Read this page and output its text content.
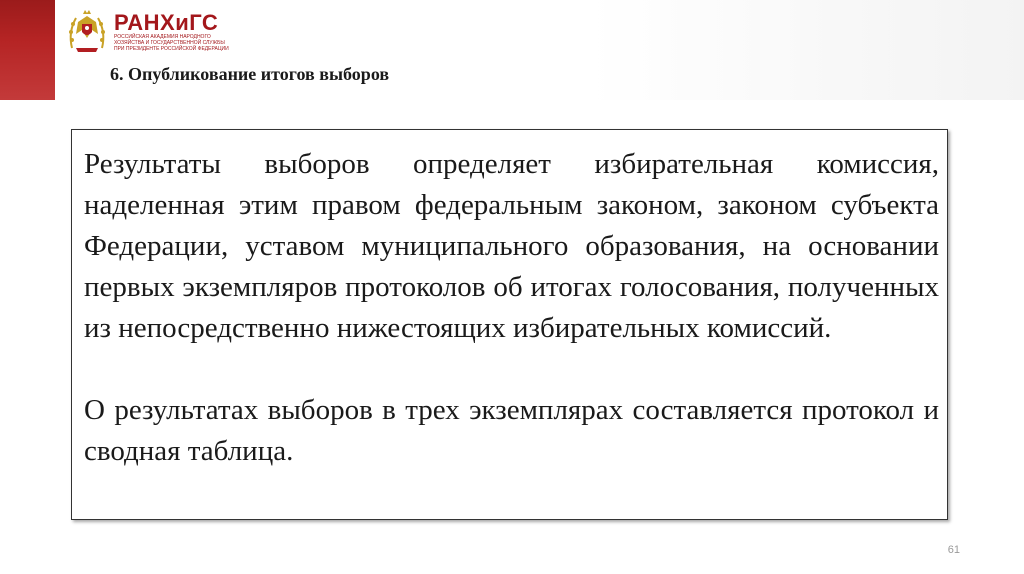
РАНХиГС
РОССИЙСКАЯ АКАДЕМИЯ НАРОДНОГО ХОЗЯЙСТВА И ГОСУДАРСТВЕННОЙ СЛУЖБЫ ПРИ ПРЕЗИДЕНТЕ РОССИЙСКОЙ ФЕДЕРАЦИИ
6. Опубликование итогов выборов

Результаты выборов определяет избирательная комиссия, наделенная этим правом федеральным законом, законом субъекта Федерации, уставом муниципального образования, на основании первых экземпляров протоколов об итогах голосования, полученных из непосредственно нижестоящих избирательных комиссий.

О результатах выборов в трех экземплярах составляется протокол и сводная таблица.

61
